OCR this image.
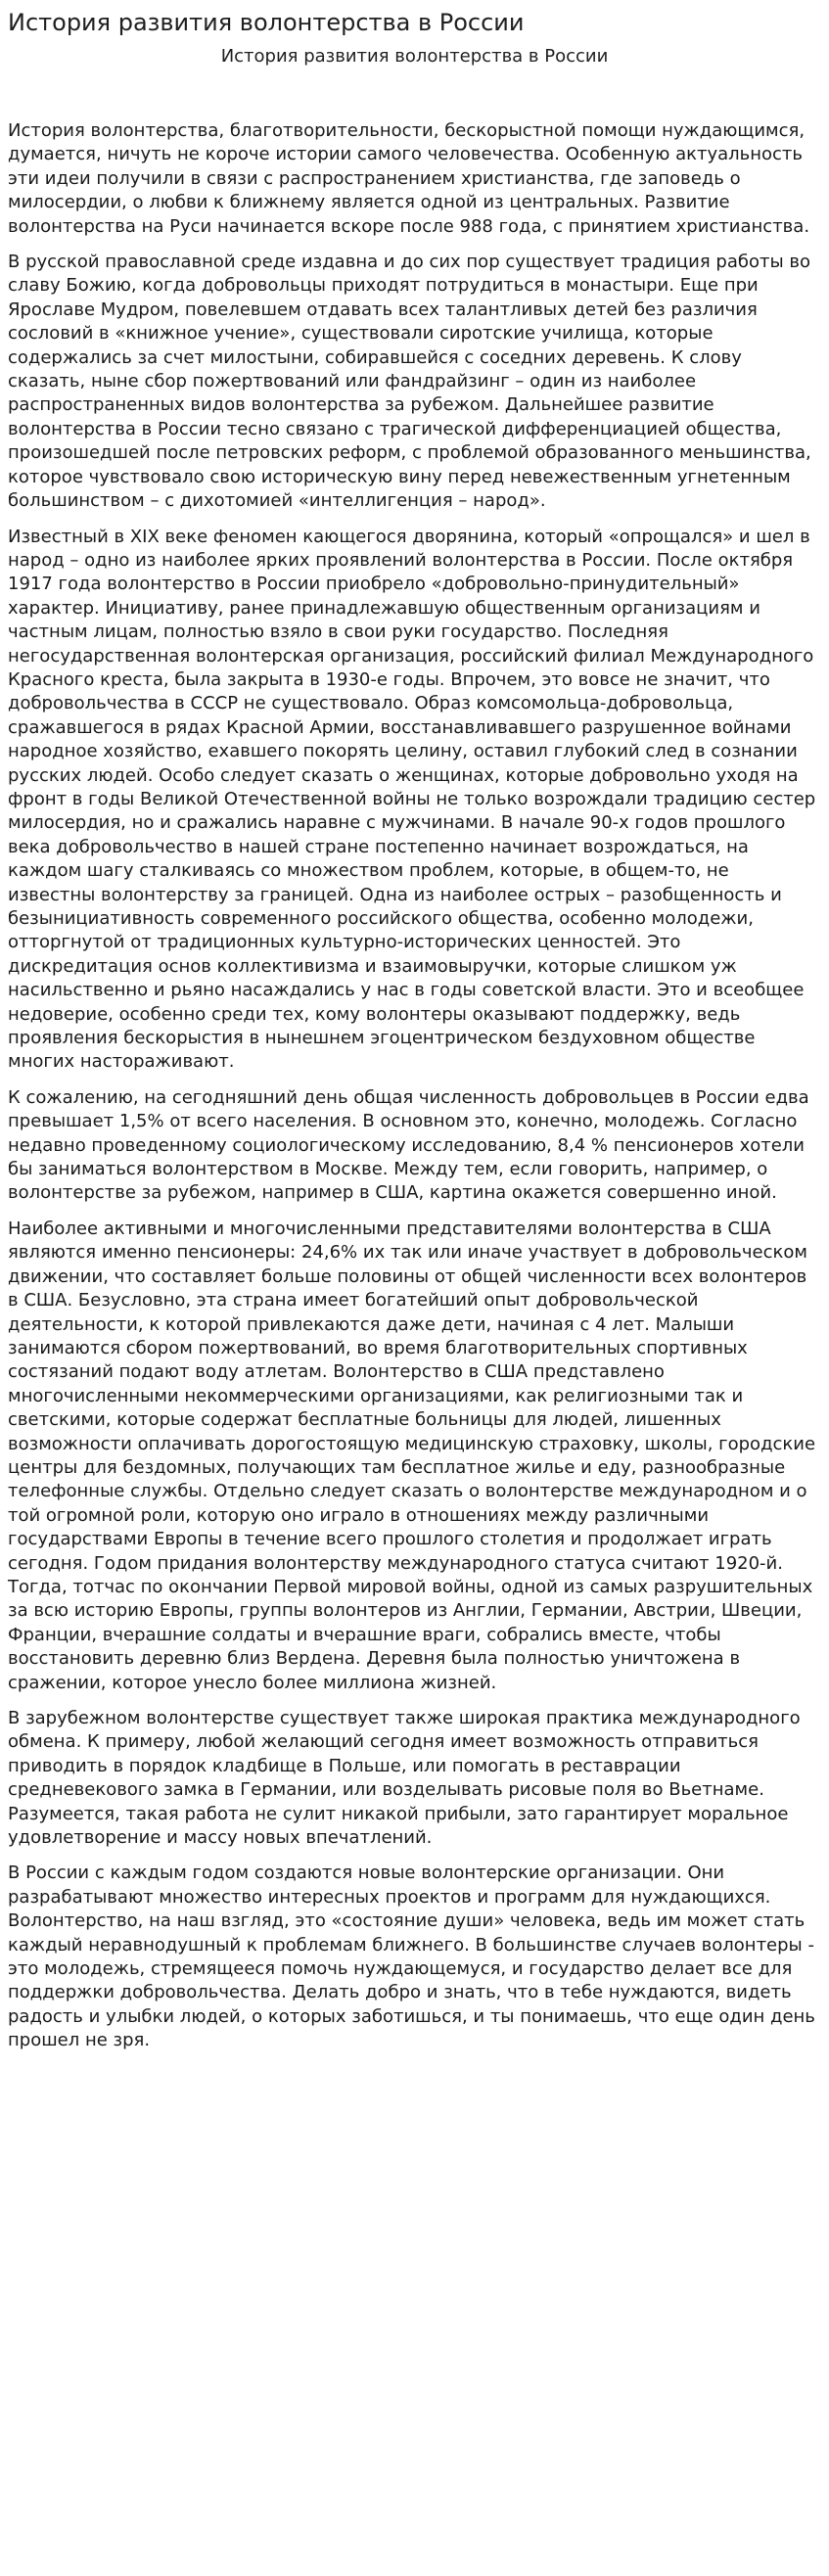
История развития волонтерства в России
История развития волонтерства в России

История волонтерства, благотворительности, бескорыстной помощи нуждающимся, думается, ничуть не короче истории самого человечества. Особенную актуальность эти идеи получили в связи с распространением христианства, где заповедь о милосердии, о любви к ближнему является одной из центральных. Развитие волонтерства на Руси начинается вскоре после 988 года, с принятием христианства.

В русской православной среде издавна и до сих пор существует традиция работы во славу Божию, когда добровольцы приходят потрудиться в монастыри. Еще при Ярославе Мудром, повелевшем отдавать всех талантливых детей без различия сословий в «книжное учение», существовали сиротские училища, которые содержались за счет милостыни, собиравшейся с соседних деревень. К слову сказать, ныне сбор пожертвований или фандрайзинг – один из наиболее распространенных видов волонтерства за рубежом. Дальнейшее развитие волонтерства в России тесно связано с трагической дифференциацией общества, произошедшей после петровских реформ, с проблемой образованного меньшинства, которое чувствовало свою историческую вину перед невежественным угнетенным большинством – с дихотомией «интеллигенция – народ».

Известный в XIX веке феномен кающегося дворянина, который «опрощался» и шел в народ – одно из наиболее ярких проявлений волонтерства в России. После октября 1917 года волонтерство в России приобрело «добровольно-принудительный» характер. Инициативу, ранее принадлежавшую общественным организациям и частным лицам, полностью взяло в свои руки государство. Последняя негосударственная волонтерская организация, российский филиал Международного Красного креста, была закрыта в 1930-е годы. Впрочем, это вовсе не значит, что добровольчества в СССР не существовало. Образ комсомольца-добровольца, сражавшегося в рядах Красной Армии, восстанавливавшего разрушенное войнами народное хозяйство, ехавшего покорять целину, оставил глубокий след в сознании русских людей. Особо следует сказать о женщинах, которые добровольно уходя на фронт в годы Великой Отечественной войны не только возрождали традицию сестер милосердия, но и сражались наравне с мужчинами. В начале 90-х годов прошлого века добровольчество в нашей стране постепенно начинает возрождаться, на каждом шагу сталкиваясь со множеством проблем, которые, в общем-то, не известны волонтерству за границей. Одна из наиболее острых – разобщенность и безынициативность современного российского общества, особенно молодежи, отторгнутой от традиционных культурно-исторических ценностей. Это дискредитация основ коллективизма и взаимовыручки, которые слишком уж насильственно и рьяно насаждались у нас в годы советской власти. Это и всеобщее недоверие, особенно среди тех, кому волонтеры оказывают поддержку, ведь проявления бескорыстия в нынешнем эгоцентрическом бездуховном обществе многих настораживают.

К сожалению, на сегодняшний день общая численность добровольцев в России едва превышает 1,5% от всего населения. В основном это, конечно, молодежь. Согласно недавно проведенному социологическому исследованию, 8,4 % пенсионеров хотели бы заниматься волонтерством в Москве. Между тем, если говорить, например, о волонтерстве за рубежом, например в США, картина окажется совершенно иной.

Наиболее активными и многочисленными представителями волонтерства в США являются именно пенсионеры: 24,6% их так или иначе участвует в добровольческом движении, что составляет больше половины от общей численности всех волонтеров в США. Безусловно, эта страна имеет богатейший опыт добровольческой деятельности, к которой привлекаются даже дети, начиная с 4 лет. Малыши занимаются сбором пожертвований, во время благотворительных спортивных состязаний подают воду атлетам. Волонтерство в США представлено многочисленными некоммерческими организациями, как религиозными так и светскими, которые содержат бесплатные больницы для людей, лишенных возможности оплачивать дорогостоящую медицинскую страховку, школы, городские центры для бездомных, получающих там бесплатное жилье и еду, разнообразные телефонные службы. Отдельно следует сказать о волонтерстве международном и о той огромной роли, которую оно играло в отношениях между различными государствами Европы в течение всего прошлого столетия и продолжает играть сегодня. Годом придания волонтерству международного статуса считают 1920-й. Тогда, тотчас по окончании Первой мировой войны, одной из самых разрушительных за всю историю Европы, группы волонтеров из Англии, Германии, Австрии, Швеции, Франции, вчерашние солдаты и вчерашние враги, собрались вместе, чтобы восстановить деревню близ Вердена. Деревня была полностью уничтожена в сражении, которое унесло более миллиона жизней.

В зарубежном волонтерстве существует также широкая практика международного обмена. К примеру, любой желающий сегодня имеет возможность отправиться приводить в порядок кладбище в Польше, или помогать в реставрации средневекового замка в Германии, или возделывать рисовые поля во Вьетнаме. Разумеется, такая работа не сулит никакой прибыли, зато гарантирует моральное удовлетворение и массу новых впечатлений.

В России с каждым годом создаются новые волонтерские организации. Они разрабатывают множество интересных проектов и программ для нуждающихся. Волонтерство, на наш взгляд, это «состояние души» человека, ведь им может стать каждый неравнодушный к проблемам ближнего. В большинстве случаев волонтеры - это молодежь, стремящееся помочь нуждающемуся, и государство делает все для поддержки добровольчества. Делать добро и знать, что в тебе нуждаются, видеть радость и улыбки людей, о которых заботишься, и ты понимаешь, что еще один день прошел не зря.
